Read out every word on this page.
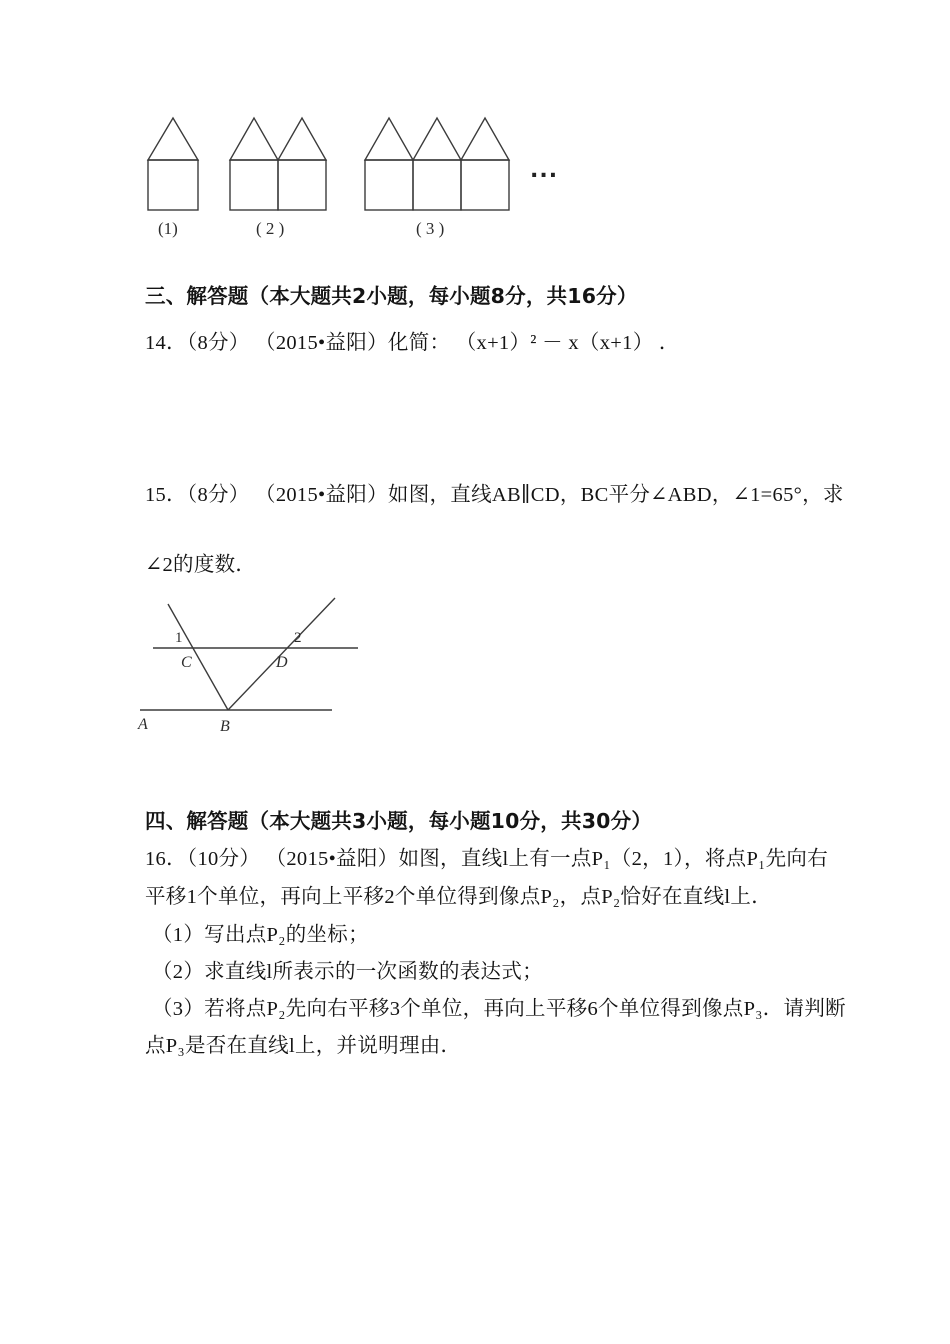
(1)	( 2 )	( 3 )
...
三、解答题（本大题共2小题，每小题8分，共16分）
14．（8分） （2015•益阳）化简： （x+1）² － x（x+1） ．
15．（8分） （2015•益阳）如图，直线AB∥CD，BC平分∠ABD，∠1=65°，求
∠2的度数．
1	2
C	D
A	B
四、解答题（本大题共3小题，每小题10分，共30分）
16．（10分） （2015•益阳）如图，直线l上有一点P₁（2，1），将点P₁先向右
平移1个单位，再向上平移2个单位得到像点P₂，点P₂恰好在直线l上．
（1）写出点P₂的坐标；
（2）求直线l所表示的一次函数的表达式；
（3）若将点P₂先向右平移3个单位，再向上平移6个单位得到像点P₃．请判断
点P₃是否在直线l上，并说明理由．
